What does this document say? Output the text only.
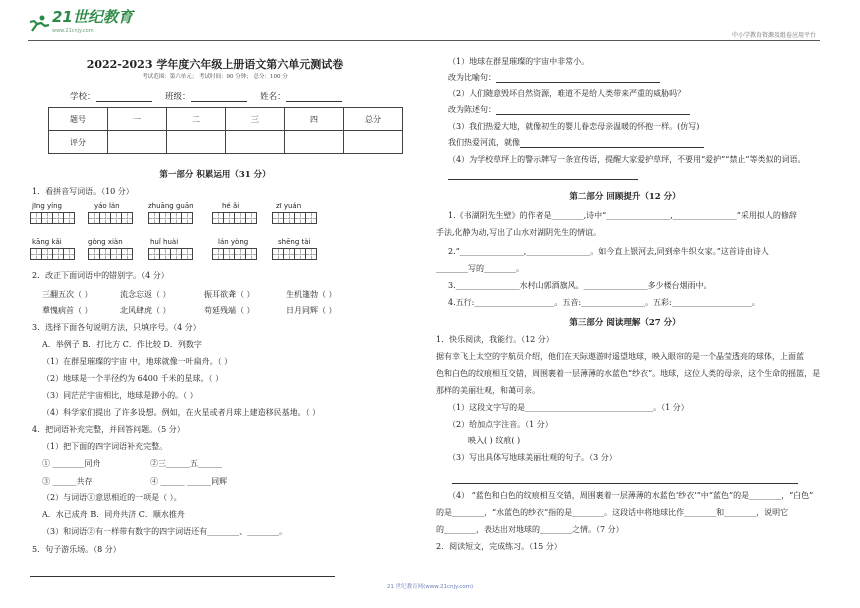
21世纪教育
www.21cnjy.com
中小学教育资源及组卷应用平台
2022-2023 学年度六年级上册语文第六单元测试卷
考试范围：第六单元； 考试时间：90 分钟； 总分：100 分
学校：	班级：	姓名：
题号	一	二	三	四	总分
评分					
第一部分 积累运用（31 分）
1．看拼音写词语。（10 分）
jīng yíng	yáo lán	zhuāng guān	hé ǎi	zī yuán
kāng kǎi	gòng xiàn	huǐ huài	lán yòng	shēng tài
2．改正下面词语中的错别字。（4 分）
三翻五次（ ）	流念忘返（ ）	振耳欲聋（ ）	生机篷勃（ ）
羣愧病首（ ）	北风肆虎（ ）	苟延残端（ ）	日月同辉（ ）
3．选择下面各句说明方法，只填序号。（4 分）
A．举例子 B．打比方 C．作比较 D．列数字
（1）在群星璀璨的宇宙 中，地球就像一叶扁舟。（ ）
（2）地球是一个半径约为 6400 千米的星球。（ ）
（3）同茫茫宇宙相比，地球是渺小的。（ ）
（4）科学家们提出 了许多设想。例如，在火星或者月球上建造移民基地。（ ）
4．把词语补充完整，并回答问题。（5 分）
（1）把下面的四字词语补充完整。
① ________同舟	②三______五______
③ ______共存	④ ______ ______同辉
（2）与词语①意思相近的一项是（ ）。
A．水已成舟 B．同舟共济 C．顺水推舟
（3）和词语②有一样带有数字的四字词语还有________、________。
5．句子游乐场。（8 分）
（1）地球在群星璀璨的宇宙中非常小。
改为比喻句：
（2）人们随意毁坏自然资源，难道不是给人类带来严重的威胁吗？
改为陈述句：
（3）我们热爱大地，就像初生的婴儿眷恋母亲温暖的怀抱一样。(仿写)
我们热爱河流，就像
（4）为学校草坪上的警示牌写一条宣传语，提醒大家爱护草坪，不要用“爱护”“禁止”等类似的词语。
第二部分 回顾提升（12 分）
1.《书湖阴先生壁》的作者是________,诗中“________________,________________”采用拟人的修辞
手法,化静为动,写出了山水对湖阴先生的情谊。
2.“________________,________________。如今直上银河去,同到牵牛织女家。”这首诗由诗人
________写的________。
3.________________水村山郭酒旗风。________________多少楼台烟雨中。
4.五行:____________________。五音:________________。五彩:____________________。
第三部分 阅读理解（27 分）
1．快乐阅读，我能行。（12 分）
据有幸飞上太空的宇航员介绍，他们在天际遨游时遥望地球，映入眼帘的是一个晶莹透亮的球体，上面蓝
色和白色的纹痕相互交错，周围裹着一层薄薄的水蓝色“纱衣”。地球，这位人类的母亲，这个生命的摇篮，是
那样的美丽壮观，和蔼可亲。
（1）这段文字写的是________________________________。（1 分）
（2）给加点字注音。（1 分）
映入( ) 纹痕( )
（3）写出具体写地球美丽壮观的句子。（3 分）
（4） “蓝色和白色的纹痕相互交错，周围裹着一层薄薄的水蓝色‘纱衣’”中“蓝色”的是________，“白色”
的是________，“水蓝色的纱衣”指的是________。这段话中将地球比作________和________，说明它
的________，表达出对地球的________之情。（7 分）
2．阅读短文，完成练习。（15 分）
21 世纪教育网(www.21cnjy.com)
